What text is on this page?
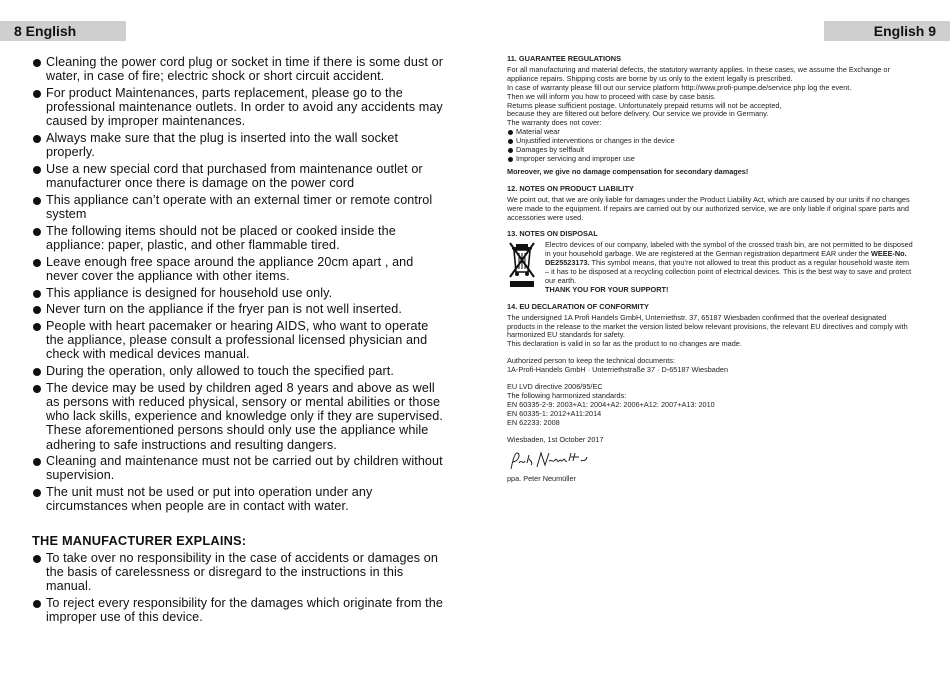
8 English	English 9
Cleaning the power cord plug or socket in time if there is some dust or water, in case of fire; electric shock or short circuit accident.
For product Maintenances, parts replacement, please go to the professional maintenance outlets. In order to avoid any accidents may caused by improper maintenances.
Always make sure that the plug is inserted into the wall socket properly.
Use a new special cord that purchased from maintenance outlet or manufacturer once there is damage on the power cord
This appliance can’t operate with an external timer or remote control system
The following items should not be placed or cooked inside the appliance: paper, plastic, and other flammable tired.
Leave enough free space around the appliance 20cm apart , and never cover the appliance with other items.
This appliance is designed for household use only.
Never turn on the appliance if the fryer pan is not well inserted.
People with heart pacemaker or hearing AIDS, who want to operate the appliance, please consult a professional licensed physician and check with medical devices manual.
During the operation, only allowed to touch the specified part.
The device may be used by children aged 8 years and above as well as persons with reduced physical, sensory or mental abilities or those who lack skills, experience and knowledge only if they are supervised. These aforementioned persons should only use the appliance while adhering to safe instructions and resulting dangers.
Cleaning and maintenance must not be carried out by children without supervision.
The unit must not be used or put into operation under any circumstances when people are in contact with water.
THE MANUFACTURER EXPLAINS:
To take over no responsibility in the case of accidents or damages on the basis of carelessness or disregard to the instructions in this manual.
To reject every responsibility for the damages which originate from the improper use of this device.
11. GUARANTEE REGULATIONS

For all manufacturing and material defects, the statutory warranty applies. In these cases, we assume the Exchange or appliance repairs. Shipping costs are borne by us only to the extent legally is prescribed.

In case of warranty please fill out our service platform http://www.profi-pumpe.de/service php log the event.

Then we will inform you how to proceed with case by case basis.

Returns please sufficient postage. Unfortunately prepaid returns will not be accepted,

because they are filtered out before delivery. Our service we provide in Germany.

The warranty does not cover:

Material wear
Unjustified interventions or changes in the device
Damages by selffault
Improper servicing and improper use

Moreover, we give no damage compensation for secondary damages!

12. NOTES ON PRODUCT LIABILITY

We point out, that we are only liable for damages under the Product Liability Act, which are caused by our units if no changes were made to the equipment. If repairs are carried out by our authorized service, we are only liable if original spare parts and accessories were used.

13. NOTES ON DISPOSAL

Electro devices of our company, labeled with the symbol of the crossed trash bin, are not permitted to be disposed in your household garbage. We are registered at the German registration department EAR under the WEEE-No. DE25523173. This symbol means, that you’re not allowed to treat this product as a regular household waste item – it has to be disposed at a recycling collection point of electrical devices. This is the best way to save and protect our earth.

THANK YOU FOR YOUR SUPPORT!

14. EU DECLARATION OF CONFORMITY

The undersigned 1A Profi Handels GmbH, Unterriethstr. 37, 65187 Wiesbaden confirmed that the overleaf designated products in the release to the market the version listed below relevant provisions, the relevant EU directives and comply with harmonized EU standards for safety.

This declaration is valid in so far as the product to no changes are made.

Authorized person to keep the technical documents:

1A-Profi-Handels GmbH · Unterriethstraße 37 · D-65187 Wiesbaden

EU LVD directive 2006/95/EC

The following harmonized standards:

EN 60335-2-9: 2003+A1: 2004+A2: 2006+A12: 2007+A13: 2010

EN 60335-1: 2012+A11:2014

EN 62233: 2008

Wiesbaden, 1st October 2017

ppa. Peter Neumüller
